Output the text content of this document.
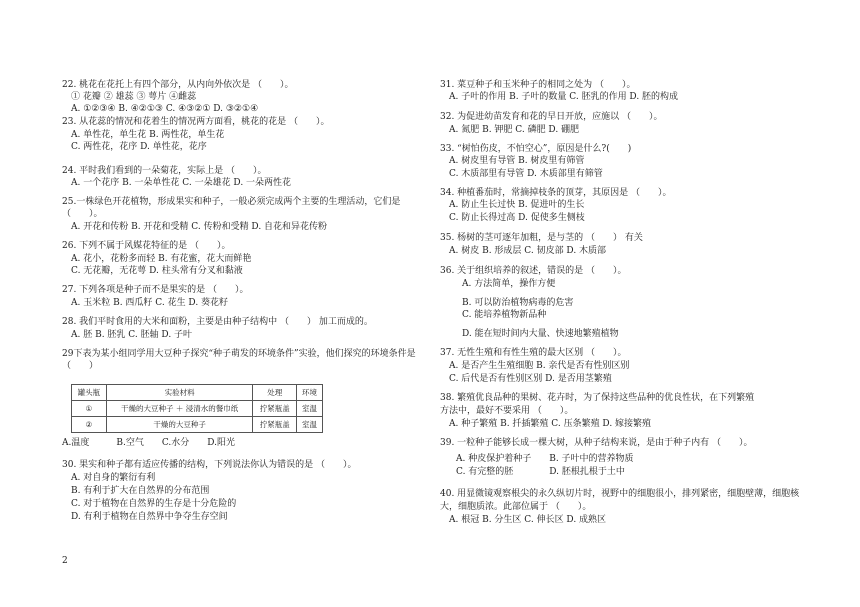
22. 桃花在花托上有四个部分，从内向外依次是 （　　）。
① 花瓣 ② 雄蕊 ③ 萼片 ④雌蕊
A. ①②③④ B. ④②①③ C. ④③②① D. ③②①④
23. 从花蕊的情况和花着生的情况两方面看，桃花的花是 （　　）。
A. 单性花，单生花 B. 两性花，单生花
C. 两性花，花序 D. 单性花，花序
24. 平时我们看到的一朵菊花，实际上是 （　　）。
A. 一个花序 B. 一朵单性花 C. 一朵雄花 D. 一朵两性花
25.一株绿色开花植物，形成果实和种子，一般必须完成两个主要的生理活动，它们是
（　　）。
A. 开花和传粉 B. 开花和受精 C. 传粉和受精 D. 自花和异花传粉
26. 下列不属于风媒花特征的是 （　　）。
A. 花小，花粉多而轻 B. 有花蜜，花大而鲜艳
C. 无花瓣，无花萼 D. 柱头常有分叉和黏液
27. 下列各项是种子而不是果实的是 （　　）。
A. 玉米粒 B. 西瓜籽 C. 花生 D. 葵花籽
28. 我们平时食用的大米和面粉，主要是由种子结构中 （　　） 加工而成的。
A. 胚 B. 胚乳 C. 胚轴 D. 子叶
29下表为某小组同学用大豆种子探究“种子萌发的环境条件”实验，他们探究的环境条件是
（　　）
罐头瓶	实验材料	处理	环境
①	干燥的大豆种子 ＋ 浸清水的餐巾纸	拧紧瓶盖	室温
②	干燥的大豆种子	拧紧瓶盖	室温
A.温度　　　B.空气　　C.水分　　D.阳光
30. 果实和种子都有适应传播的结构，下列说法你认为错误的是 （　　）。
A. 对自身的繁衍有利
B. 有利于扩大在自然界的分布范围
C. 对于植物在自然界的生存是十分危险的
D. 有利于植物在自然界中争夺生存空间
2
31. 菜豆种子和玉米种子的相同之处为 （　　）。
A. 子叶的作用 B. 子叶的数量 C. 胚乳的作用 D. 胚的构成
32. 为促进幼苗发育和花的早日开放，应施以 （　　）。
A. 氮肥 B. 钾肥 C. 磷肥 D. 硼肥
33. “树怕伤皮，不怕空心”，原因是什么?(　　)
A. 树皮里有导管 B. 树皮里有筛管
C. 木质部里有导管 D. 木质部里有筛管
34. 种植番茄时，常摘掉枝条的顶芽，其原因是 （　　）。
A. 防止生长过快 B. 促进叶的生长
C. 防止长得过高 D. 促使多生侧枝
35. 杨树的茎可逐年加粗，是与茎的 （　　） 有关
A. 树皮 B. 形成层 C. 韧皮部 D. 木质部
36. 关于组织培养的叙述，错误的是 （　　）。
A. 方法简单，操作方便
B. 可以防治植物病毒的危害
C. 能培养植物新品种
D. 能在短时间内大量、快速地繁殖植物
37. 无性生殖和有性生殖的最大区别 （　　）。
A. 是否产生生殖细胞 B. 亲代是否有性别区别
C. 后代是否有性别区别 D. 是否用茎繁殖
38. 繁殖优良品种的果树、花卉时，为了保持这些品种的优良性状，在下列繁殖
方法中，最好不要采用 （　　）。
A. 种子繁殖 B. 扦插繁殖 C. 压条繁殖 D. 嫁接繁殖
39. 一粒种子能够长成一棵大树，从种子结构来说，是由于种子内有 （　　）。
A. 种皮保护着种子　　B. 子叶中的营养物质
C. 有完整的胚　　　　D. 胚根扎根于土中
40. 用显微镜观察根尖的永久纵切片时，视野中的细胞很小，排列紧密，细胞壁薄，细胞核
大，细胞质浓。此部位属于 （　　）。
A. 根冠 B. 分生区 C. 伸长区 D. 成熟区
